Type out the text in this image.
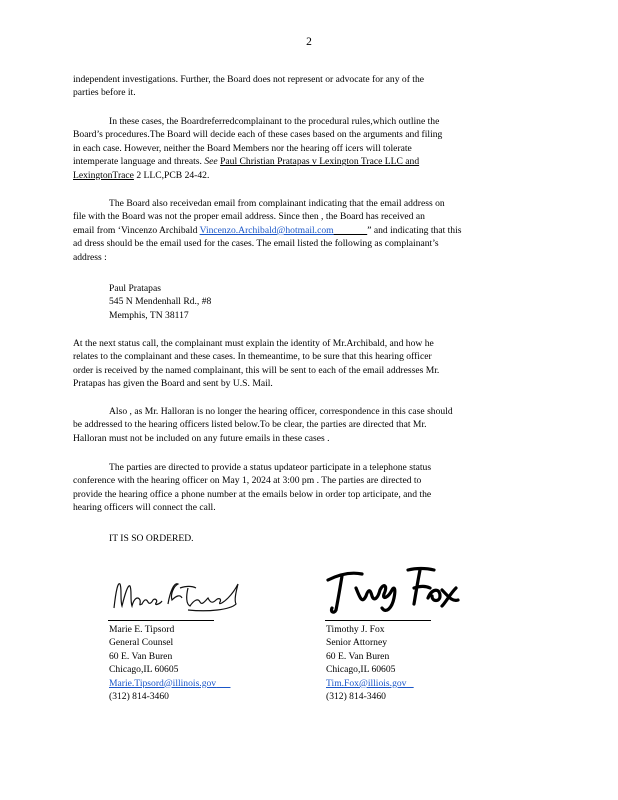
2
independent investigations. Further, the Board does not represent or advocate for any of the
parties before it.
In these cases, the Boardreferredcomplainant to the procedural rules,which outline the
Board’s procedures.The Board will decide each of these cases based on the arguments and filing
in each case. However, neither the Board Members nor the hearing off icers will tolerate
intemperate language and threats. See Paul Christian Pratapas v Lexington Trace LLC and
LexingtonTrace 2 LLC,PCB 24-42.
The Board also receivedan email from complainant indicating that the email address on
file with the Board was not the proper email address. Since then , the Board has received an
email from ‘Vincenzo Archibald Vincenzo.Archibald@hotmail.com	” and indicating that this
ad dress should be the email used for the cases. The email listed the following as complainant’s
address :
Paul Pratapas
545 N Mendenhall Rd., #8
Memphis, TN 38117
At the next status call, the complainant must explain the identity of Mr.Archibald, and how he
relates to the complainant and these cases. In themeantime, to be sure that this hearing officer
order is received by the named complainant, this will be sent to each of the email addresses Mr.
Pratapas has given the Board and sent by U.S. Mail.
Also , as Mr. Halloran is no longer the hearing officer, correspondence in this case should
be addressed to the hearing officers listed below.To be clear, the parties are directed that Mr.
Halloran must not be included on any future emails in these cases .
The parties are directed to provide a status updateor participate in a telephone status
conference with the hearing officer on May 1, 2024 at 3:00 pm . The parties are directed to
provide the hearing office a phone number at the emails below in order top articipate, and the
hearing officers will connect the call.
IT IS SO ORDERED.
Marie E. Tipsord
General Counsel
60 E. Van Buren
Chicago,IL 60605
Marie.Tipsord@illinois.gov
(312) 814-3460
Timothy J. Fox
Senior Attorney
60 E. Van Buren
Chicago,IL 60605
Tim.Fox@illiois.gov
(312) 814-3460
